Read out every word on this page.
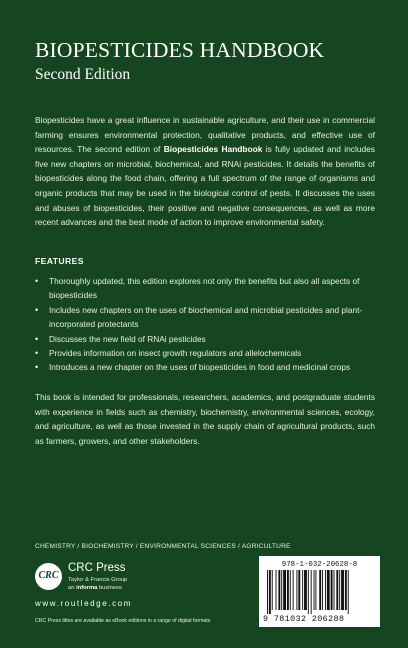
BIOPESTICIDES HANDBOOK
Second Edition
Biopesticides have a great influence in sustainable agriculture, and their use in commercial farming ensures environmental protection, qualitative products, and effective use of resources. The second edition of Biopesticides Handbook is fully updated and includes five new chapters on microbial, biochemical, and RNAi pesticides. It details the benefits of biopesticides along the food chain, offering a full spectrum of the range of organisms and organic products that may be used in the biological control of pests. It discusses the uses and abuses of biopesticides, their positive and negative consequences, as well as more recent advances and the best mode of action to improve environmental safety.
FEATURES
• Thoroughly updated, this edition explores not only the benefits but also all aspects of biopesticides
• Includes new chapters on the uses of biochemical and microbial pesticides and plant-incorporated protectants
• Discusses the new field of RNAi pesticides
• Provides information on insect growth regulators and allelochemicals
• Introduces a new chapter on the uses of biopesticides in food and medicinal crops
This book is intended for professionals, researchers, academics, and postgraduate students with experience in fields such as chemistry, biochemistry, environmental sciences, ecology, and agriculture, as well as those invested in the supply chain of agricultural products, such as farmers, growers, and other stakeholders.
CHEMISTRY / BIOCHEMISTRY / ENVIRONMENTAL SCIENCES / AGRICULTURE
CRC
CRC Press
Taylor & Francis Group
an informa business
www.routledge.com
CRC Press titles are available as eBook editions in a range of digital formats
978-1-032-20628-8
9 781032 206288
